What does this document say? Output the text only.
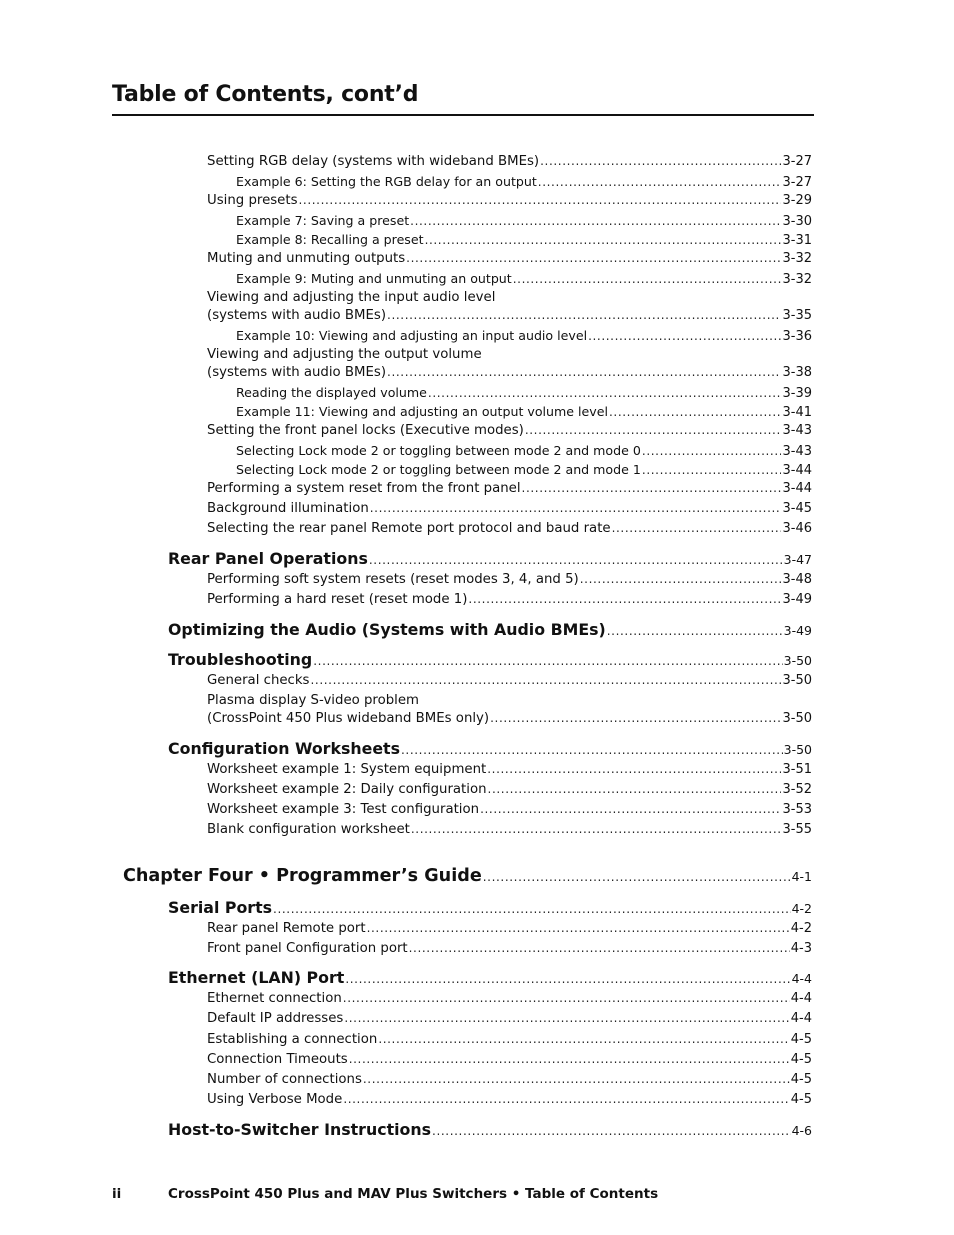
Table of Contents, cont’d
Setting RGB delay (systems with wideband BMEs) .....	3-27
Example 6: Setting the RGB delay for an output .....	3-27
Using presets .....	3-29
Example 7: Saving a preset .....	3-30
Example 8: Recalling a preset .....	3-31
Muting and unmuting outputs .....	3-32
Example 9: Muting and unmuting an output .....	3-32
Viewing and adjusting the input audio level
(systems with audio BMEs) .....	3-35
Example 10: Viewing and adjusting an input audio level .....	3-36
Viewing and adjusting the output volume
(systems with audio BMEs) .....	3-38
Reading the displayed volume .....	3-39
Example 11: Viewing and adjusting an output volume level .....	3-41
Setting the front panel locks (Executive modes) .....	3-43
Selecting Lock mode 2 or toggling between mode 2 and mode 0 .....	3-43
Selecting Lock mode 2 or toggling between mode 2 and mode 1 .....	3-44
Performing a system reset from the front panel .....	3-44
Background illumination .....	3-45
Selecting the rear panel Remote port protocol and baud rate .....	3-46
Rear Panel Operations .....	3-47
Performing soft system resets (reset modes 3, 4, and 5) .....	3-48
Performing a hard reset (reset mode 1) .....	3-49
Optimizing the Audio (Systems with Audio BMEs) .....	3-49
Troubleshooting .....	3-50
General checks .....	3-50
Plasma display S-video problem
(CrossPoint 450 Plus wideband BMEs only) .....	3-50
Configuration Worksheets .....	3-50
Worksheet example 1: System equipment .....	3-51
Worksheet example 2: Daily configuration .....	3-52
Worksheet example 3: Test configuration .....	3-53
Blank configuration worksheet .....	3-55
Chapter Four • Programmer’s Guide .....	4-1
Serial Ports .....	4-2
Rear panel Remote port .....	4-2
Front panel Configuration port .....	4-3
Ethernet (LAN) Port .....	4-4
Ethernet connection .....	4-4
Default IP addresses .....	4-4
Establishing a connection .....	4-5
Connection Timeouts .....	4-5
Number of connections .....	4-5
Using Verbose Mode .....	4-5
Host-to-Switcher Instructions .....	4-6
ii	CrossPoint 450 Plus and MAV Plus Switchers • Table of Contents
